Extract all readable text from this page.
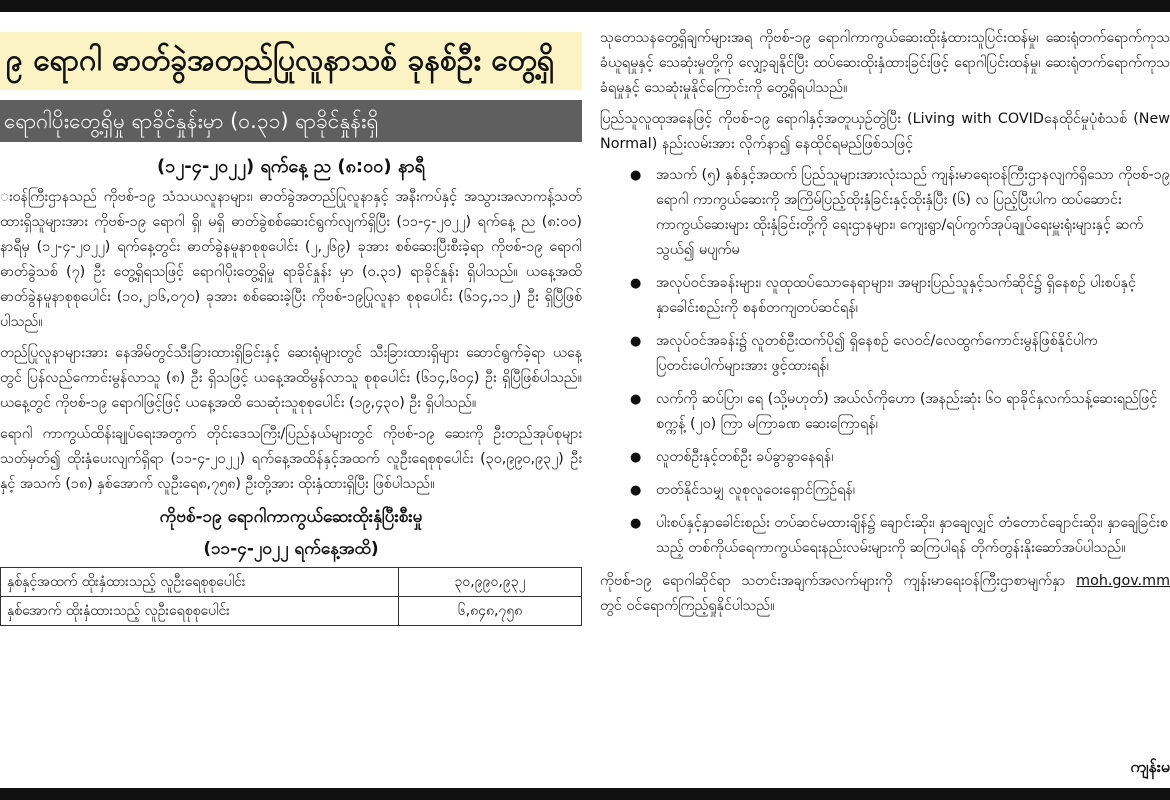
၉ ရောဂါ ဓာတ်ခွဲအတည်ပြုလူနာသစ် ခုနစ်ဦး တွေ့ရှိ
ရောဂါပိုးတွေ့ရှိမှု ရာခိုင်နှုန်းမှာ (၀.၃၁) ရာခိုင်နှုန်းရှိ
(၁၂-၄-၂၀၂၂) ရက်နေ့ ည (၈:၀၀) နာရီ

းဝန်ကြီးဌာနသည် ကိုဗစ်-၁၉ သံသယလူနာများ၊ ဓာတ်ခွဲအတည်ပြုလူနာနှင့် အနီးကပ်နှင့် အသွားအလာကန့်သတ်ထားရှိသူများအား ကိုဗစ်-၁၉ ရောဂါ ရှိ၊ မရှိ ဓာတ်ခွဲစစ်ဆေးင်ရွက်လျက်ရှိပြီး (၁၁-၄-၂၀၂၂) ရက်နေ့ ည (၈:၀၀) နာရီမှ (၁၂-၄-၂၀၂၂) ရက်နေ့တွင်း ဓာတ်ခွဲနမူနာစုစုပေါင်း (၂,၂၆၉) ခုအား စစ်ဆေးပြီးစီးခဲ့ရာ ကိုဗစ်-၁၉ ရောဂါ ဓာတ်ခွဲသစ် (၇) ဦး တွေ့ရှိရသဖြင့် ရောဂါပိုးတွေ့ရှိမှု ရာခိုင်နှုန်း မှာ (၀.၃၁) ရာခိုင်နှုန်း ရှိပါသည်။ ယနေ့အထိ ဓာတ်ခွဲနမူနာစုစုပေါင်း (၁၀,၂၁၆,၀၇၀) ခုအား စစ်ဆေးခဲ့ပြီး ကိုဗစ်-၁၉ပြုလူနာ စုစုပေါင်း (၆၁၄,၁၁၂) ဦး ရှိပြီဖြစ်ပါသည်။

တည်ပြုလူနာများအား နေအိမ်တွင်သီးခြားထားရှိခြင်းနှင့် ဆေးရုံများတွင် သီးခြားထားရှိများ ဆောင်ရွက်ခဲ့ရာ ယနေ့တွင် ပြန်လည်ကောင်းမွန်လာသူ (၈) ဦး ရှိသဖြင့် ယနေ့အထိမွန်လာသူ စုစုပေါင်း (၆၁၄,၆၀၄) ဦး ရှိပြီဖြစ်ပါသည်။ ယနေ့တွင် ကိုဗစ်-၁၉ ရောဂါဖြင့်ဖြင့် ယနေ့အထိ သေဆုံးသူစုစုပေါင်း (၁၉,၄၃၀) ဦး ရှိပါသည်။

ရောဂါ ကာကွယ်ထိန်းချုပ်ရေးအတွက် တိုင်းဒေသကြီး/ပြည်နယ်များတွင် ကိုဗစ်-၁၉ ဆေးကို ဦးတည်အုပ်စုများသတ်မှတ်၍ ထိုးနှံပေးလျက်ရှိရာ (၁၁-၄-၂၀၂၂) ရက်နေ့အထိန်နှင့်အထက် လူဦးရေစုစုပေါင်း (၃၀,၉၉၀,၉၃၂) ဦးနှင့် အသက် (၁၈) နှစ်အောက် လူဦးရေ၈,၇၅၈) ဦးတို့အား ထိုးနှံထားရှိပြီး ဖြစ်ပါသည်။

ကိုဗစ်-၁၉ ရောဂါကာကွယ်ဆေးထိုးနှံပြီးစီးမှု
(၁၁-၄-၂၀၂၂ ရက်နေ့အထိ)
နှစ်နှင့်အထက် ထိုးနှံထားသည့် လူဦးရေစုစုပေါင်း	၃၀,၉၉၀,၉၃၂
နှစ်အောက် ထိုးနှံထားသည့် လူဦးရေစုစုပေါင်း	၆,၈၄၈,၇၅၈

သုတေသနတွေ့ရှိချက်များအရ ကိုဗစ်-၁၉ ရောဂါကာကွယ်ဆေးထိုးနှံထားသူပြင်းထန်မှု၊ ဆေးရုံတက်ရောက်ကုသခံယူရမှုနှင့် သေဆုံးမှုတို့ကို လျှော့ချနိုင်ပြီး ထပ်ဆေးထိုးနှံထားခြင်းဖြင့် ရောဂါပြင်းထန်မှု၊ ဆေးရုံတက်ရောက်ကုသခံရမှုနှင့် သေဆုံးမှုနိုင်ကြောင်းကို တွေ့ရှိရပါသည်။

ပြည်သူလူထုအနေဖြင့် ကိုဗစ်-၁၉ ရောဂါနှင့်အတူယှဉ်တွဲပြီး (Living with COVIDနေထိုင်မှုပုံစံသစ် (New Normal) နည်းလမ်းအား လိုက်နာ၍ နေထိုင်ရမည်ဖြစ်သဖြင့်

● အသက် (၅) နှစ်နှင့်အထက် ပြည်သူများအားလုံးသည် ကျန်းမာရေးဝန်ကြီးဌာနလျက်ရှိသော ကိုဗစ်-၁၉ ရောဂါ ကာကွယ်ဆေးကို အကြိမ်ပြည့်ထိုးနှံခြင်းနှင့်ထိုးနှံပြီး (၆) လ ပြည့်ပြီးပါက ထပ်ဆောင်းကာကွယ်ဆေးများ ထိုးနှံခြင်းတို့ကို ရေးဌာနများ၊ ကျေးရွာ/ရပ်ကွက်အုပ်ချုပ်ရေးမှူးရုံးများနှင့် ဆက်သွယ်၍ မပျက်မ
● အလုပ်ဝင်အခန်းများ၊ လူထုထပ်သောနေရာများ၊ အများပြည်သူနှင့်သက်ဆိုင်၌ ရှိနေစဉ် ပါးစပ်နှင့်နှာခေါင်းစည်းကို စနစ်တကျတပ်ဆင်ရန်၊
● အလုပ်ဝင်အခန်း၌ လူတစ်ဦးထက်ပို၍ ရှိနေစဉ် လေဝင်/လေထွက်ကောင်းမွန်ဖြစ်နိုင်ပါက ပြတင်းပေါက်များအား ဖွင့်ထားရန်၊
● လက်ကို ဆပ်ပြာ၊ ရေ (သို့မဟုတ်) အယ်လ်ကိုဟော (အနည်းဆုံး ၆၀ ရာခိုင်နှလက်သန့်ဆေးရည်ဖြင့် စက္ကန့် (၂၀) ကြာ မကြာခဏ ဆေးကြောရန်၊
● လူတစ်ဦးနှင့်တစ်ဦး ခပ်ခွာခွာနေရန်၊
● တတ်နိုင်သမျှ လူစုလူဝေးရှောင်ကြဉ်ရန်၊
● ပါးစပ်နှင့်နှာခေါင်းစည်း တပ်ဆင်မထားချိန်၌ ချောင်းဆိုး၊ နှာချေလျှင် တံတောင်ချောင်းဆိုး၊ နှာချေခြင်းစသည့် တစ်ကိုယ်ရေကာကွယ်ရေးနည်းလမ်းများကို ဆကြပါရန် တိုက်တွန်းနိုးဆော်အပ်ပါသည်။

ကိုဗစ်-၁၉ ရောဂါဆိုင်ရာ သတင်းအချက်အလက်များကို ကျန်းမာရေးဝန်ကြီးဌာစာမျက်နှာ moh.gov.mm တွင် ဝင်ရောက်ကြည့်ရှုနိုင်ပါသည်။

ကျန်းမ
